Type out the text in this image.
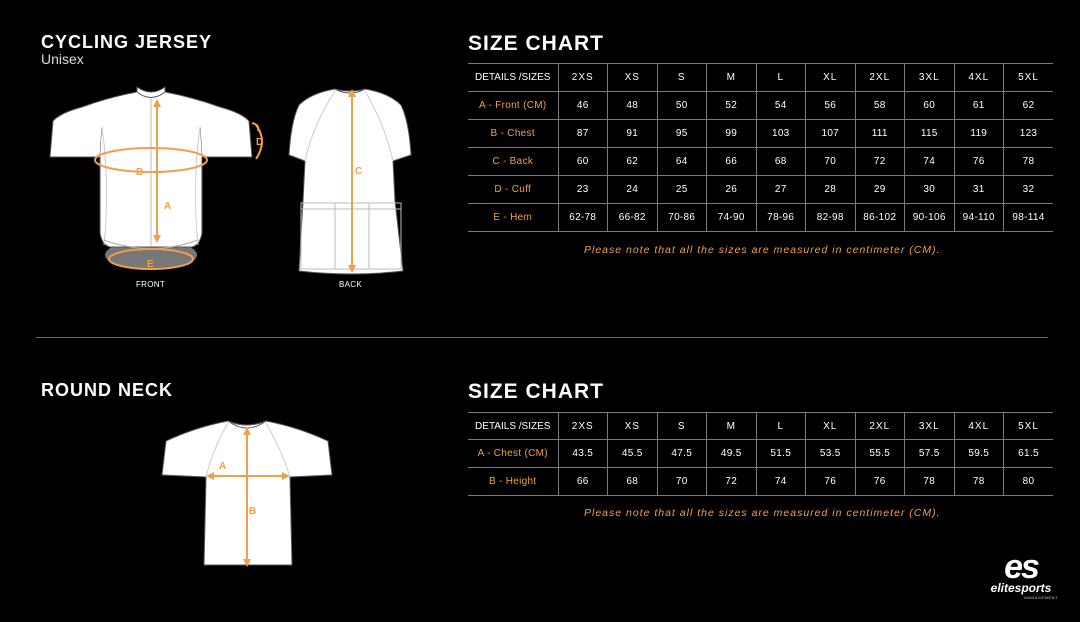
CYCLING JERSEY
Unisex
B
A
E
D
FRONT
C
BACK
SIZE CHART
DETAILS /SIZES	2XS	XS	S	M	L	XL	2XL	3XL	4XL	5XL
A - Front (CM)	46	48	50	52	54	56	58	60	61	62
B - Chest	87	91	95	99	103	107	111	115	119	123
C - Back	60	62	64	66	68	70	72	74	76	78
D - Cuff	23	24	25	26	27	28	29	30	31	32
E - Hem	62-78	66-82	70-86	74-90	78-96	82-98	86-102	90-106	94-110	98-114
Please note that all the sizes are measured in centimeter (CM).
ROUND NECK
A
B
SIZE CHART
DETAILS /SIZES	2XS	XS	S	M	L	XL	2XL	3XL	4XL	5XL
A - Chest (CM)	43.5	45.5	47.5	49.5	51.5	53.5	55.5	57.5	59.5	61.5
B - Height	66	68	70	72	74	76	76	78	78	80
Please note that all the sizes are measured in centimeter (CM).
es
elitesports
MANAGEMENT
